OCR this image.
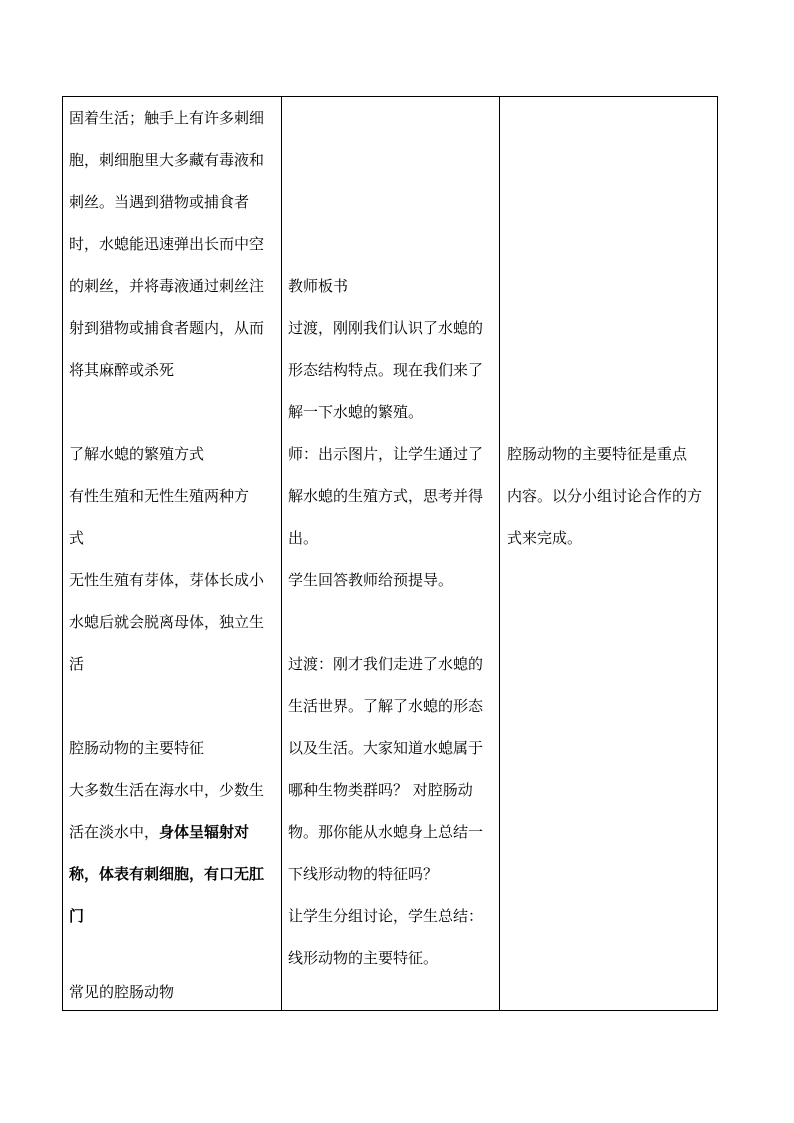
固着生活；触手上有许多刺细
胞，刺细胞里大多藏有毒液和
刺丝。当遇到猎物或捕食者
时，水螅能迅速弹出长而中空
的刺丝，并将毒液通过刺丝注
射到猎物或捕食者题内，从而
将其麻醉或杀死
了解水螅的繁殖方式
有性生殖和无性生殖两种方
式
无性生殖有芽体，芽体长成小
水螅后就会脱离母体，独立生
活
腔肠动物的主要特征
大多数生活在海水中，少数生
活在淡水中，身体呈辐射对
称，体表有刺细胞，有口无肛
门
常见的腔肠动物
教师板书
过渡，刚刚我们认识了水螅的
形态结构特点。现在我们来了
解一下水螅的繁殖。
师：出示图片，让学生通过了
解水螅的生殖方式，思考并得
出。
学生回答教师给预提导。
过渡：刚才我们走进了水螅的
生活世界。了解了水螅的形态
以及生活。大家知道水螅属于
哪种生物类群吗？ 对腔肠动
物。那你能从水螅身上总结一
下线形动物的特征吗？
让学生分组讨论，学生总结：
线形动物的主要特征。
腔肠动物的主要特征是重点
内容。以分小组讨论合作的方
式来完成。
